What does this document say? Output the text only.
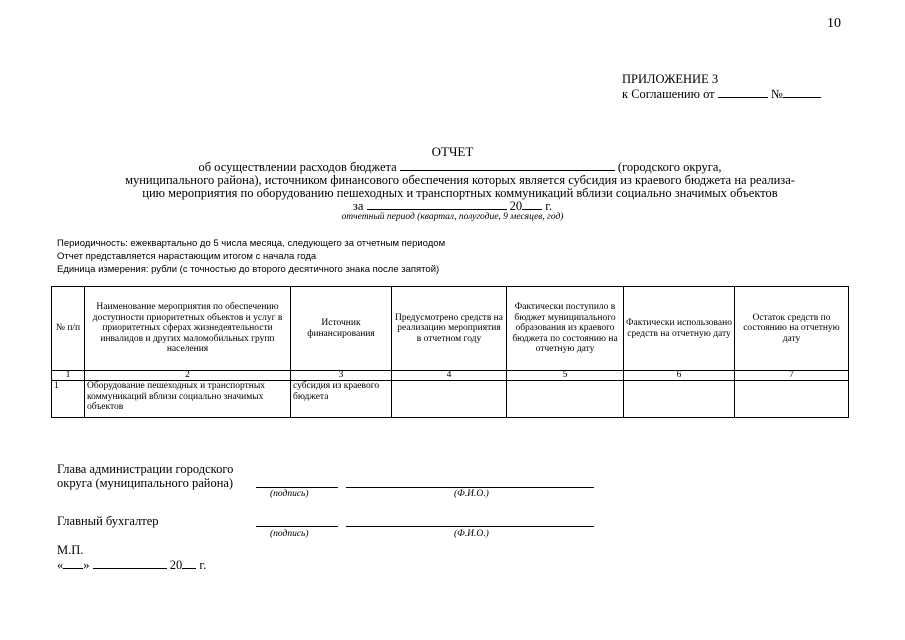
10
ПРИЛОЖЕНИЕ 3
к Соглашению от	№
ОТЧЕТ
об осуществлении расходов бюджета	(городского округа,
муниципального района), источником финансового обеспечения которых является субсидия из краевого бюджета на реализа-
цию мероприятия по оборудованию пешеходных и транспортных коммуникаций вблизи социально значимых объектов
за	20 г.
отчетный период (квартал, полугодие, 9 месяцев, год)
Периодичность: ежеквартально до 5 числа месяца, следующего за отчетным периодом
Отчет представляется нарастающим итогом с начала года
Единица измерения: рубли (с точностью до второго десятичного знака после запятой)
№ п/п	Наименование мероприятия по обеспечению доступности приоритетных объектов и услуг в приоритетных сферах жизнедеятельности инвалидов и других маломобильных групп населения	Источник финансирования	Предусмотрено средств на реализацию мероприятия в отчетном году	Фактически поступило в бюджет муниципального образования из краевого бюджета по состоянию на отчетную дату	Фактически использовано средств на отчетную дату	Остаток средств по состоянию на отчетную дату
1	2	3	4	5	6	7
1	Оборудование пешеходных и транспортных коммуникаций вблизи социально значимых объектов	субсидия из краевого бюджета				
Глава администрации городского
округа (муниципального района)
(подпись)	(Ф.И.О.)
Главный бухгалтер
(подпись)	(Ф.И.О.)
М.П.
« »	20 г.
